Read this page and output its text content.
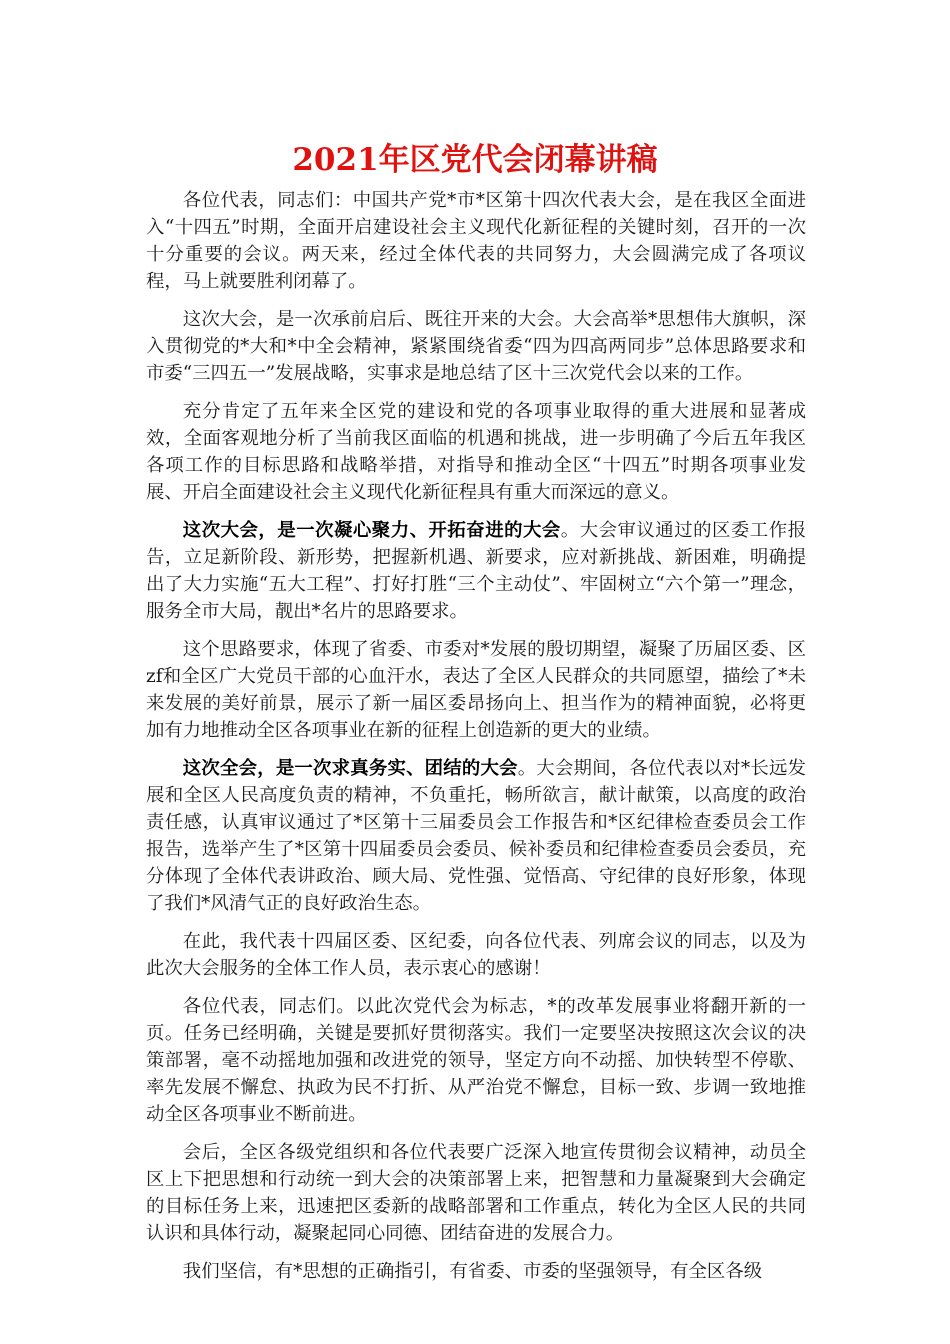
2021年区党代会闭幕讲稿

各位代表，同志们：中国共产党*市*区第十四次代表大会，是在我区全面进入“十四五”时期，全面开启建设社会主义现代化新征程的关键时刻，召开的一次十分重要的会议。两天来，经过全体代表的共同努力，大会圆满完成了各项议程，马上就要胜利闭幕了。

这次大会，是一次承前启后、既往开来的大会。大会高举*思想伟大旗帜，深入贯彻党的*大和*中全会精神，紧紧围绕省委“四为四高两同步”总体思路要求和市委“三四五一”发展战略，实事求是地总结了区十三次党代会以来的工作。

充分肯定了五年来全区党的建设和党的各项事业取得的重大进展和显著成效，全面客观地分析了当前我区面临的机遇和挑战，进一步明确了今后五年我区各项工作的目标思路和战略举措，对指导和推动全区“十四五”时期各项事业发展、开启全面建设社会主义现代化新征程具有重大而深远的意义。

这次大会，是一次凝心聚力、开拓奋进的大会。大会审议通过的区委工作报告，立足新阶段、新形势，把握新机遇、新要求，应对新挑战、新困难，明确提出了大力实施“五大工程”、打好打胜“三个主动仗”、牢固树立“六个第一”理念，服务全市大局，靓出*名片的思路要求。

这个思路要求，体现了省委、市委对*发展的殷切期望，凝聚了历届区委、区zf和全区广大党员干部的心血汗水，表达了全区人民群众的共同愿望，描绘了*未来发展的美好前景，展示了新一届区委昂扬向上、担当作为的精神面貌，必将更加有力地推动全区各项事业在新的征程上创造新的更大的业绩。

这次全会，是一次求真务实、团结的大会。大会期间，各位代表以对*长远发展和全区人民高度负责的精神，不负重托，畅所欲言，献计献策，以高度的政治责任感，认真审议通过了*区第十三届委员会工作报告和*区纪律检查委员会工作报告，选举产生了*区第十四届委员会委员、候补委员和纪律检查委员会委员，充分体现了全体代表讲政治、顾大局、党性强、觉悟高、守纪律的良好形象，体现了我们*风清气正的良好政治生态。

在此，我代表十四届区委、区纪委，向各位代表、列席会议的同志，以及为此次大会服务的全体工作人员，表示衷心的感谢！

各位代表，同志们。以此次党代会为标志，*的改革发展事业将翻开新的一页。任务已经明确，关键是要抓好贯彻落实。我们一定要坚决按照这次会议的决策部署，毫不动摇地加强和改进党的领导，坚定方向不动摇、加快转型不停歇、率先发展不懈怠、执政为民不打折、从严治党不懈怠，目标一致、步调一致地推动全区各项事业不断前进。

会后，全区各级党组织和各位代表要广泛深入地宣传贯彻会议精神，动员全区上下把思想和行动统一到大会的决策部署上来，把智慧和力量凝聚到大会确定的目标任务上来，迅速把区委新的战略部署和工作重点，转化为全区人民的共同认识和具体行动，凝聚起同心同德、团结奋进的发展合力。

我们坚信，有*思想的正确指引，有省委、市委的坚强领导，有全区各级
